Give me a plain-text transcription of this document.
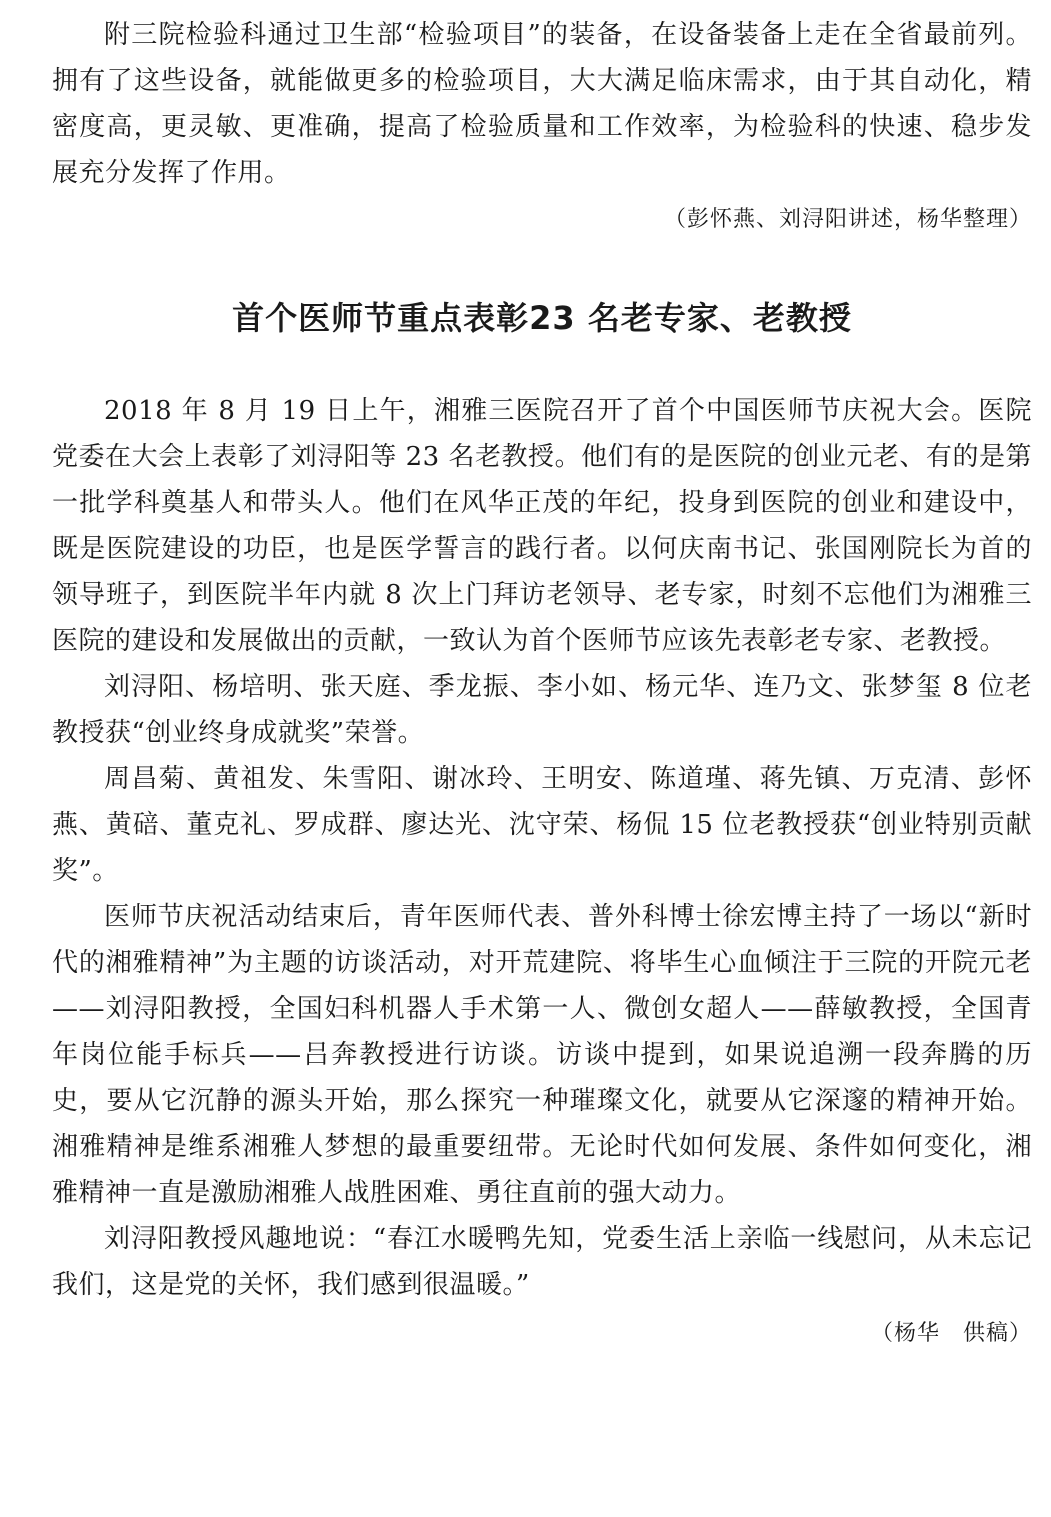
附三院检验科通过卫生部“检验项目”的装备，在设备装备上走在全省最前列。拥有了这些设备，就能做更多的检验项目，大大满足临床需求，由于其自动化，精密度高，更灵敏、更准确，提高了检验质量和工作效率，为检验科的快速、稳步发展充分发挥了作用。

（彭怀燕、刘浔阳讲述，杨华整理）

首个医师节重点表彰23 名老专家、老教授

2018 年 8 月 19 日上午，湘雅三医院召开了首个中国医师节庆祝大会。医院党委在大会上表彰了刘浔阳等 23 名老教授。他们有的是医院的创业元老、有的是第一批学科奠基人和带头人。他们在风华正茂的年纪，投身到医院的创业和建设中，既是医院建设的功臣，也是医学誓言的践行者。以何庆南书记、张国刚院长为首的领导班子，到医院半年内就 8 次上门拜访老领导、老专家，时刻不忘他们为湘雅三医院的建设和发展做出的贡献，一致认为首个医师节应该先表彰老专家、老教授。

刘浔阳、杨培明、张天庭、季龙振、李小如、杨元华、连乃文、张梦玺 8 位老教授获“创业终身成就奖”荣誉。

周昌菊、黄祖发、朱雪阳、谢冰玲、王明安、陈道瑾、蒋先镇、万克清、彭怀燕、黄碚、董克礼、罗成群、廖达光、沈守荣、杨侃 15 位老教授获“创业特别贡献奖”。

医师节庆祝活动结束后，青年医师代表、普外科博士徐宏博主持了一场以“新时代的湘雅精神”为主题的访谈活动，对开荒建院、将毕生心血倾注于三院的开院元老——刘浔阳教授，全国妇科机器人手术第一人、微创女超人——薛敏教授，全国青年岗位能手标兵——吕奔教授进行访谈。访谈中提到，如果说追溯一段奔腾的历史，要从它沉静的源头开始，那么探究一种璀璨文化，就要从它深邃的精神开始。湘雅精神是维系湘雅人梦想的最重要纽带。无论时代如何发展、条件如何变化，湘雅精神一直是激励湘雅人战胜困难、勇往直前的强大动力。

刘浔阳教授风趣地说：“春江水暖鸭先知，党委生活上亲临一线慰问，从未忘记我们，这是党的关怀，我们感到很温暖。”

（杨华　供稿）
